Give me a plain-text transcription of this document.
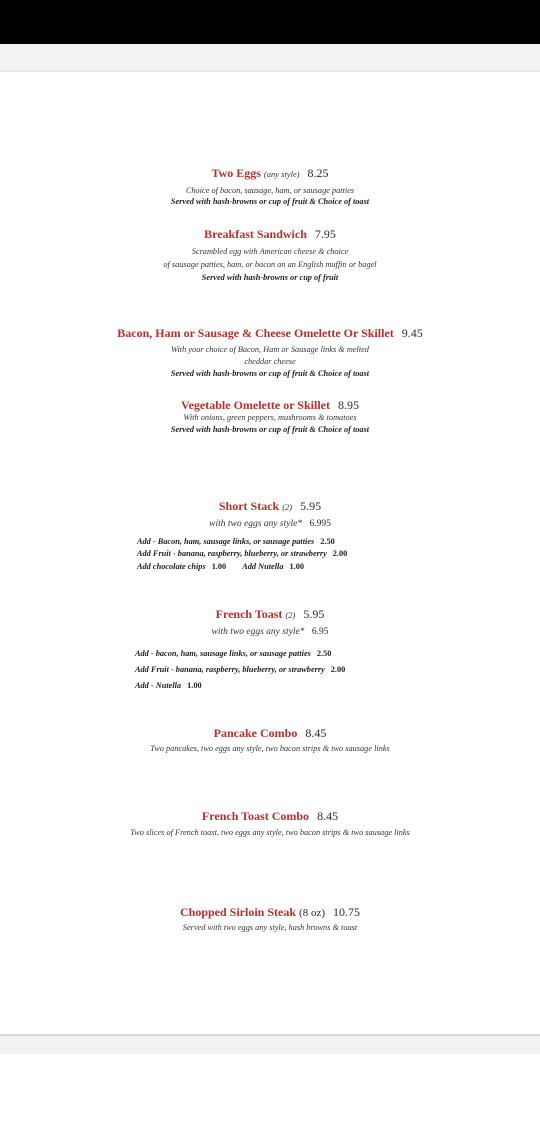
Two Eggs (any style) 8.25
Choice of bacon, sausage, ham, or sausage patties
Served with hash-browns or cup of fruit & Choice of toast
Breakfast Sandwich 7.95
Scrambled egg with American cheese & choice
of sausage patties, ham, or bacon on an English muffin or bagel
Served with hash-browns or cup of fruit
Bacon, Ham or Sausage & Cheese Omelette Or Skillet 9.45
With your choice of Bacon, Ham or Sausage links & melted
cheddar cheese
Served with hash-browns or cup of fruit & Choice of toast
Vegetable Omelette or Skillet 8.95
With onions, green peppers, mushrooms & tomatoes
Served with hash-browns or cup of fruit & Choice of toast
Short Stack (2) 5.95
with two eggs any style* 6.995
Add - Bacon, ham, sausage links, or sausage patties 2.50
Add Fruit - banana, raspberry, blueberry, or strawberry 2.00
Add chocolate chips 1.00 Add Nutella 1.00
French Toast (2) 5.95
with two eggs any style* 6.95
Add - bacon, ham, sausage links, or sausage patties 2.50
Add Fruit - banana, raspberry, blueberry, or strawberry 2.00
Add - Nutella 1.00
Pancake Combo 8.45
Two pancakes, two eggs any style, two bacon strips & two sausage links
French Toast Combo 8.45
Two slices of French toast, two eggs any style, two bacon strips & two sausage links
Chopped Sirloin Steak (8 oz) 10.75
Served with two eggs any style, hash browns & toast
